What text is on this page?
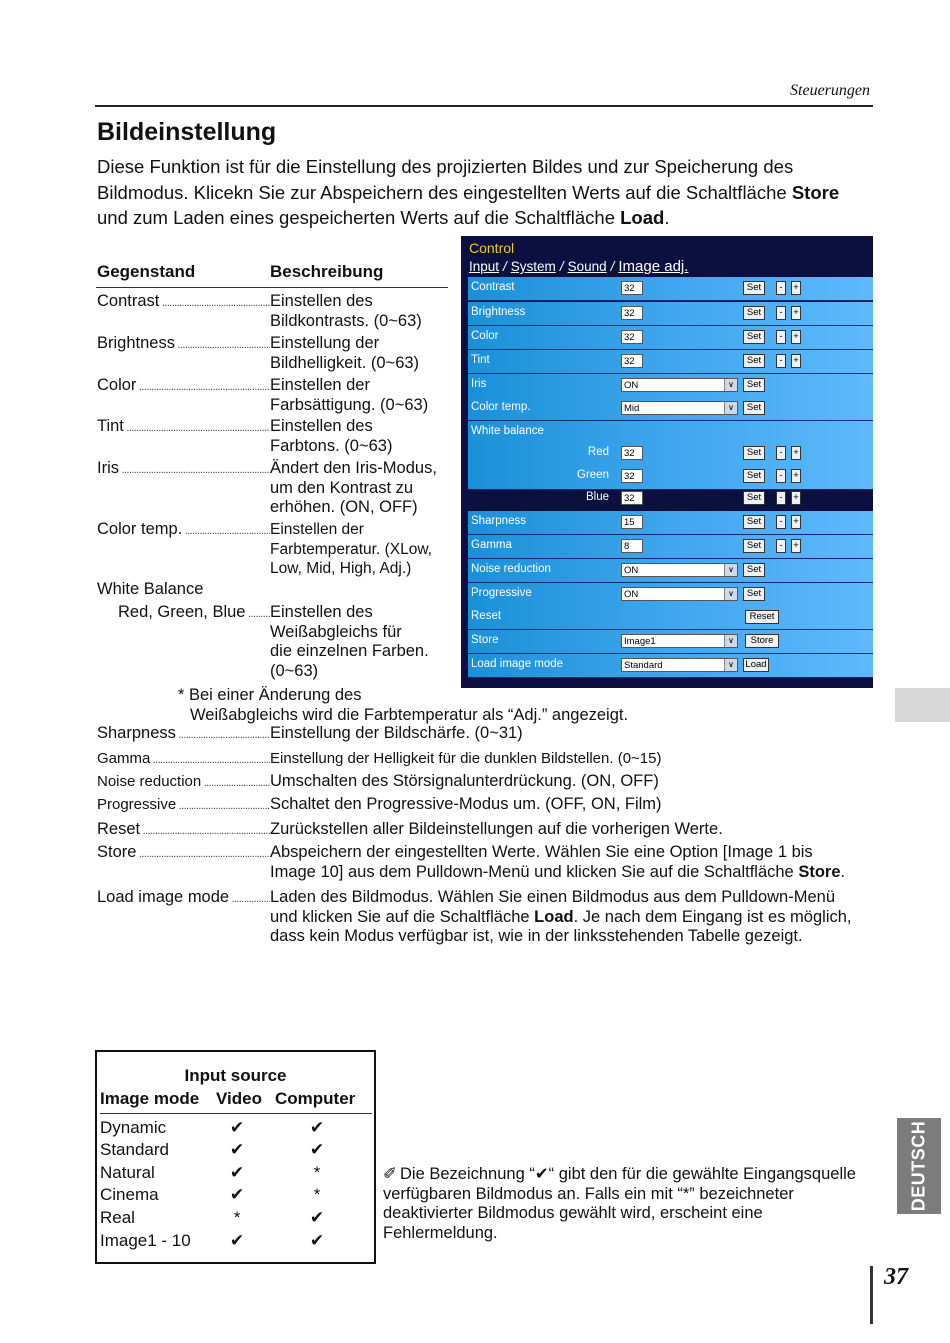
Steuerungen
Bildeinstellung
Diese Funktion ist für die Einstellung des projizierten Bildes und zur Speicherung des Bildmodus. Klicekn Sie zur Abspeichern des eingestellten Werts auf die Schaltfläche Store und zum Laden eines gespeicherten Werts auf die Schaltfläche Load.
Gegenstand	Beschreibung
Contrast .....	Einstellen des
Bildkontrasts. (0~63)
Brightness .....	Einstellung der
Bildhelligkeit. (0~63)
Color .....	Einstellen der
Farbsättigung. (0~63)
Tint .....	Einstellen des
Farbtons. (0~63)
Iris .....	Ändert den Iris-Modus,
um den Kontrast zu
erhöhen. (ON, OFF)
Color temp. .....	Einstellen der
Farbtemperatur. (XLow,
Low, Mid, High, Adj.)
White Balance
Red, Green, Blue ..... Einstellen des
Weißabgleichs für
die einzelnen Farben.
(0~63)
* Bei einer Änderung des
Weißabgleichs wird die Farbtemperatur als “Adj.” angezeigt.
Sharpness .....	Einstellung der Bildschärfe. (0~31)
Gamma .....	Einstellung der Helligkeit für die dunklen Bildstellen. (0~15)
Noise reduction .....	Umschalten des Störsignalunterdrückung. (ON, OFF)
Progressive .....	Schaltet den Progressive-Modus um. (OFF, ON, Film)
Reset .....	Zurückstellen aller Bildeinstellungen auf die vorherigen Werte.
Store .....	Abspeichern der eingestellten Werte. Wählen Sie eine Option [Image 1 bis
Image 10] aus dem Pulldown-Menü und klicken Sie auf die Schaltfläche Store.
Load image mode ..... Laden des Bildmodus. Wählen Sie einen Bildmodus aus dem Pulldown-Menü
und klicken Sie auf die Schaltfläche Load. Je nach dem Eingang ist es möglich,
dass kein Modus verfügbar ist, wie in der linksstehenden Tabelle gezeigt.
Control
Input / System / Sound / Image adj.
Contrast	32	Set	-	+
Brightness	32	Set	-	+
Color	32	Set	-	+
Tint	32	Set	-	+
Iris	ON	∨	Set
Color temp.	Mid	∨	Set
White balance
Red	32	Set	-	+
Green	32	Set	-	+
Blue	32	Set	-	+
Sharpness	15	Set	-	+
Gamma	8	Set	-	+
Noise reduction	ON	∨	Set
Progressive	ON	∨	Set
Reset	Reset
Store	Image1	∨	Store
Load image mode	Standard	∨	Load
Input source
Image mode Video Computer
Dynamic	✔	✔
Standard	✔	✔
Natural	✔	*
Cinema	✔	*
Real	*	✔
Image1 - 10 ✔	✔
✐ Die Bezeichnung “✔“ gibt den für die gewählte Eingangsquelle verfügbaren Bildmodus an. Falls ein mit “*” bezeichneter deaktivierter Bildmodus gewählt wird, erscheint eine Fehlermeldung.
DEUTSCH
37
